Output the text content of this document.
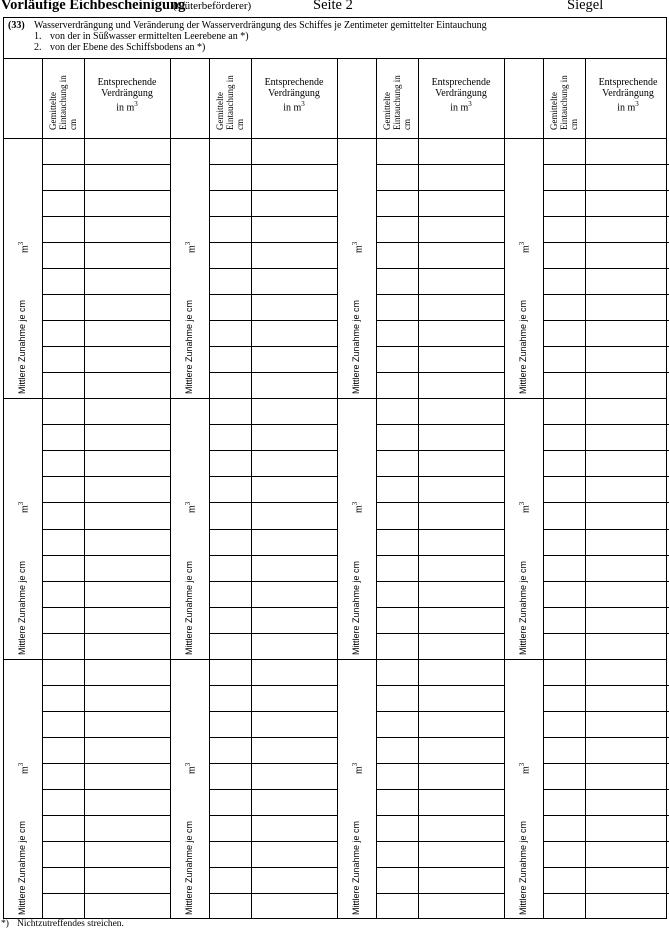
Vorläufige Eichbescheinigung
(Güterbeförderer)	Seite 2	Siegel
(33) Wasserverdrängung und Veränderung der Wasserverdrängung des Schiffes je Zentimeter gemittelter Eintauchung
1. von der in Süßwasser ermittelten Leerebene an *)
2. von der Ebene des Schiffsbodens an *)
Gemittelte Eintauchung in cm
Entsprechende
Verdrängung
in $m^3$
Mittlere Zunahme je cm
$m^3$
Mittlere Zunahme je cm
$m^3$
Mittlere Zunahme je cm
$m^3$
Gemittelte Eintauchung in cm
Entsprechende
Verdrängung
in $m^3$
Mittlere Zunahme je cm
$m^3$
Mittlere Zunahme je cm
$m^3$
Mittlere Zunahme je cm
$m^3$
Gemittelte Eintauchung in cm
Entsprechende
Verdrängung
in $m^3$
Mittlere Zunahme je cm
$m^3$
Mittlere Zunahme je cm
$m^3$
Mittlere Zunahme je cm
$m^3$
Gemittelte Eintauchung in cm
Entsprechende
Verdrängung
in $m^3$
Mittlere Zunahme je cm
$m^3$
Mittlere Zunahme je cm
$m^3$
Mittlere Zunahme je cm
$m^3$
*) Nichtzutreffendes streichen.
